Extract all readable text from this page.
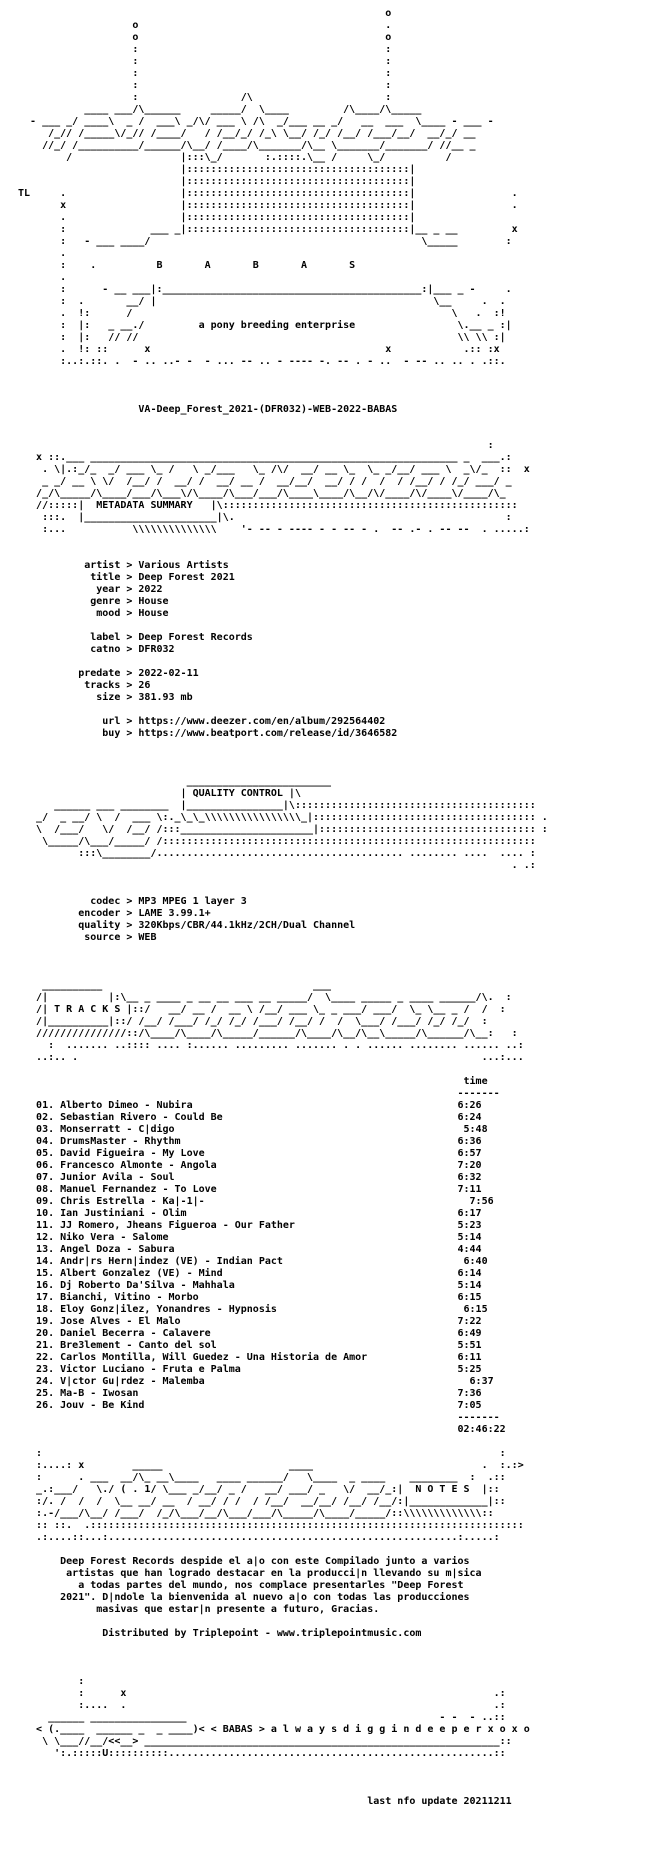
o
o                                         .
o                                         o
:                                         :
:                                         :
:                                         :
:                                         :
:                 /\                      :
____ ___/\______     _____/  \____         /\____/\_____
- ___ _/ ____\  _ /  ___\ _/\/ ___ \ /\  _/___ __ _/   __  ___  \____ - ___ -
/_// /_____\/_// /____/   / /__/_/ /_\ \__/ /_/ /__/ /___/__/  __/_/ __
//_/ /__________/______/\__/ /____/\_______/\__ \_______/_______/ //__ _
/                  |:::\_/       :.::::.\__ /     \_/          /
|:::::::::::::::::::::::::::::::::::::|
|:::::::::::::::::::::::::::::::::::::|
TL     .                   |:::::::::::::::::::::::::::::::::::::|                .
x                   |:::::::::::::::::::::::::::::::::::::|                .
.                   |:::::::::::::::::::::::::::::::::::::|
:              ___ _|:::::::::::::::::::::::::::::::::::::|__ _ __         x
:   - ___ ____/                                             \_____        :
.
:    .          B       A       B       A       S
.
:      - __ ___|:___________________________________________:|___ _ -     .
:  .       __/ |                                              \__     .  .
.  !:      /                                                     \   .  :!
:  |:   _ __./         a pony breeding enterprise                 \.__ _ :|
:  |:   // //                                                     \\ \\ :|
.  !: ::      x                                       x            .:: :x
:..:.::. .  - .. ..- -  - ... -- .. - ---- -. -- . - ..  - -- .. .. . .::.

VA-Deep_Forest_2021-(DFR032)-WEB-2022-BABAS

:
x ::.___ _____________________________________________________________ _  ___.:
. \|.:_/_  _/ ___ \_ /   \ _/___   \_ /\/  __/ __ \_  \_ _/__/ ___ \  _\/_  ::  x
_ _/ __ \ \/  /__/ /  __/ /  __/ __ /  __/__/  __/ / /  /  / /__/ / /_/ ___/ _
/_/\_____/\____/___/\___\/\____/\___/___/\____\____/\__/\/____/\/____\/____/\_
//:::::|  METADATA SUMMARY   |\:::::::::::::::::::::::::::::::::::::::::::::::::
:::.  |______________________|\.                                             :
:...           \\\\\\\\\\\\\\    '- -- - ---- - - -- - .  -- .- . -- --  . .....:

artist > Various Artists
title > Deep Forest 2021
year > 2022
genre > House
mood > House

label > Deep Forest Records
catno > DFR032

predate > 2022-02-11
tracks > 26
size > 381.93 mb

url > https://www.deezer.com/en/album/292564402
buy > https://www.beatport.com/release/id/3646582

________________________
| QUALITY CONTROL |\
______ ___ ________  |________________|\::::::::::::::::::::::::::::::::::::::::
_/  _ __/ \  /  ___ \:._\_\_\\\\\\\\\\\\\\\\_|::::::::::::::::::::::::::::::::::::: .
\  /___/   \/  /__/ /:::______________________|:::::::::::::::::::::::::::::::::::: :
\_____/\___/_____/ /::::::::::::::::::::::::::::::::::::::::::::::::::::::::::::::
:::\________/......................................... ........ ....  .... :
. .:

codec > MP3 MPEG 1 layer 3
encoder > LAME 3.99.1+
quality > 320Kbps/CBR/44.1kHz/2CH/Dual Channel
source > WEB

__________                                   ___
/|          |:\__ _ ____ _ __ __ ___ __ _____/  \____ _____ _ ____ ______/\.  :
/| T R A C K S |::/   __/ __ /  __ \ /__/ ___ \_ _ ___/ ___/  \_ \__ _ /  /  :
/|__________|::/ /__/ /___/ /_/ /_/ /___/ /__/ /  /  \___/ /___/ /_/ /_/  :
///////////////::/\____/\____/\_____/______/\____/\__/\__\_____/\______/\__:   :
:  ....... ..:::: .... :...... ......... ....... . . ...... ........ ...... ..:
..:.. .                                                                   ...:...

time
-------
01. Alberto Dimeo - Nubira                                            6:26
02. Sebastian Rivero - Could Be                                       6:24
03. Monserratt - C|digo                                                5:48
04. DrumsMaster - Rhythm                                              6:36
05. David Figueira - My Love                                          6:57
06. Francesco Almonte - Angola                                        7:20
07. Junior Avila - Soul                                               6:32
08. Manuel Fernandez - To Love                                        7:11
09. Chris Estrella - Ka|-1|-                                            7:56
10. Ian Justiniani - Olim                                             6:17
11. JJ Romero, Jheans Figueroa - Our Father                           5:23
12. Niko Vera - Salome                                                5:14
13. Angel Doza - Sabura                                               4:44
14. Andr|rs Hern|indez (VE) - Indian Pact                              6:40
15. Albert Gonzalez (VE) - Mind                                       6:14
16. Dj Roberto Da'Silva - Mahhala                                     5:14
17. Bianchi, Vitino - Morbo                                           6:15
18. Eloy Gonz|ilez, Yonandres - Hypnosis                               6:15
19. Jose Alves - El Malo                                              7:22
20. Daniel Becerra - Calavere                                         6:49
21. Bre3lement - Canto del sol                                        5:51
22. Carlos Montilla, Will Guedez - Una Historia de Amor               6:11
23. Victor Luciano - Fruta e Palma                                    5:25
24. V|ctor Gu|rdez - Malemba                                            6:37
25. Ma-B - Iwosan                                                     7:36
26. Jouv - Be Kind                                                    7:05
-------
02:46:22

:                                                                            :
:....: x        _____                     ____                            .  :.:>
:      . ___  __/\_ __\____   ____ ______/   \____  _ ____    ________  :  .::
_.:___/   \./ ( . 1/ \___ _/__/ _ /   __/ ___/ _   \/  __/_:|  N O T E S  |::
:/. /  /  /  \__ __/ __  / __/ / /  / /__/  __/__/ /__/ /__/:|_____________|::
:.-/___/\__/ /___/  /_/\___/__/\___/___/\_____/\____/_____/::\\\\\\\\\\\\\::
:: ::.  .::::::::::::::::::::::::::::::::::::::::::::::::::::::::::::::::::::::::
.:....::...:..........................................................:.....:

Deep Forest Records despide el a|o con este Compilado junto a varios
artistas que han logrado destacar en la producci|n llevando su m|sica
a todas partes del mundo, nos complace presentarles "Deep Forest
2021". D|ndole la bienvenida al nuevo a|o con todas las producciones
masivas que estar|n presente a futuro, Gracias.

Distributed by Triplepoint - www.triplepointmusic.com

:
:      x                                                             .:
:....  .                                                             .:
______ ________________                                          - -  - ..::
< (.____  ______ _  _ ____)< < BABAS > a l w a y s d i g g i n d e e p e r x o x o
\ \___//__/<<__> ___________________________________________________________::
':.:::::U::::::::::......................................................::

last nfo update 20211211
